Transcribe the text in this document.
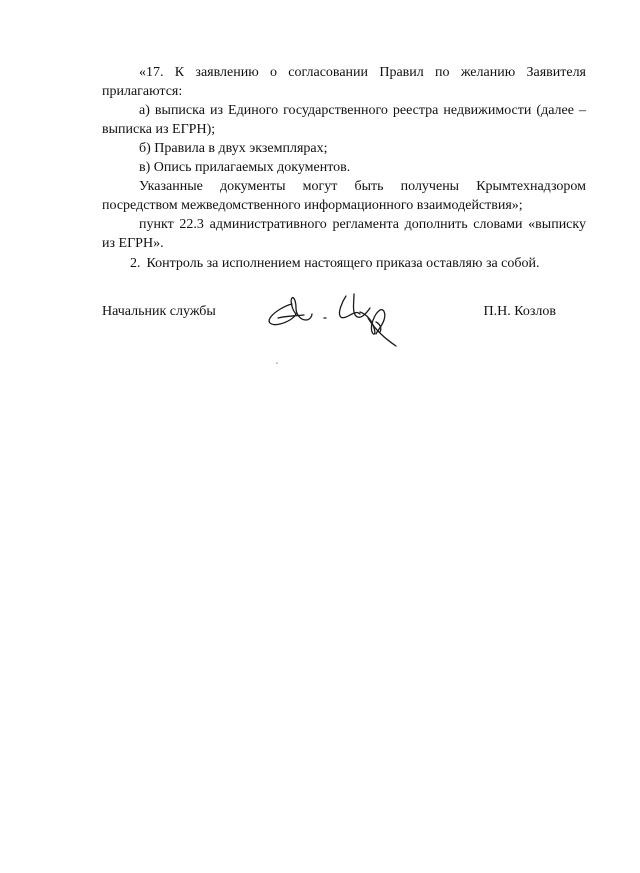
«17. К заявлению о согласовании Правил по желанию Заявителя прилагаются:

а) выписка из Единого государственного реестра недвижимости (далее – выписка из ЕГРН);

б) Правила в двух экземплярах;

в) Опись прилагаемых документов.

Указанные документы могут быть получены Крымтехнадзором посредством межведомственного информационного взаимодействия»;

пункт 22.3 административного регламента дополнить словами «выписку из ЕГРН».

2. Контроль за исполнением настоящего приказа оставляю за собой.

Начальник службы	П.Н. Козлов
